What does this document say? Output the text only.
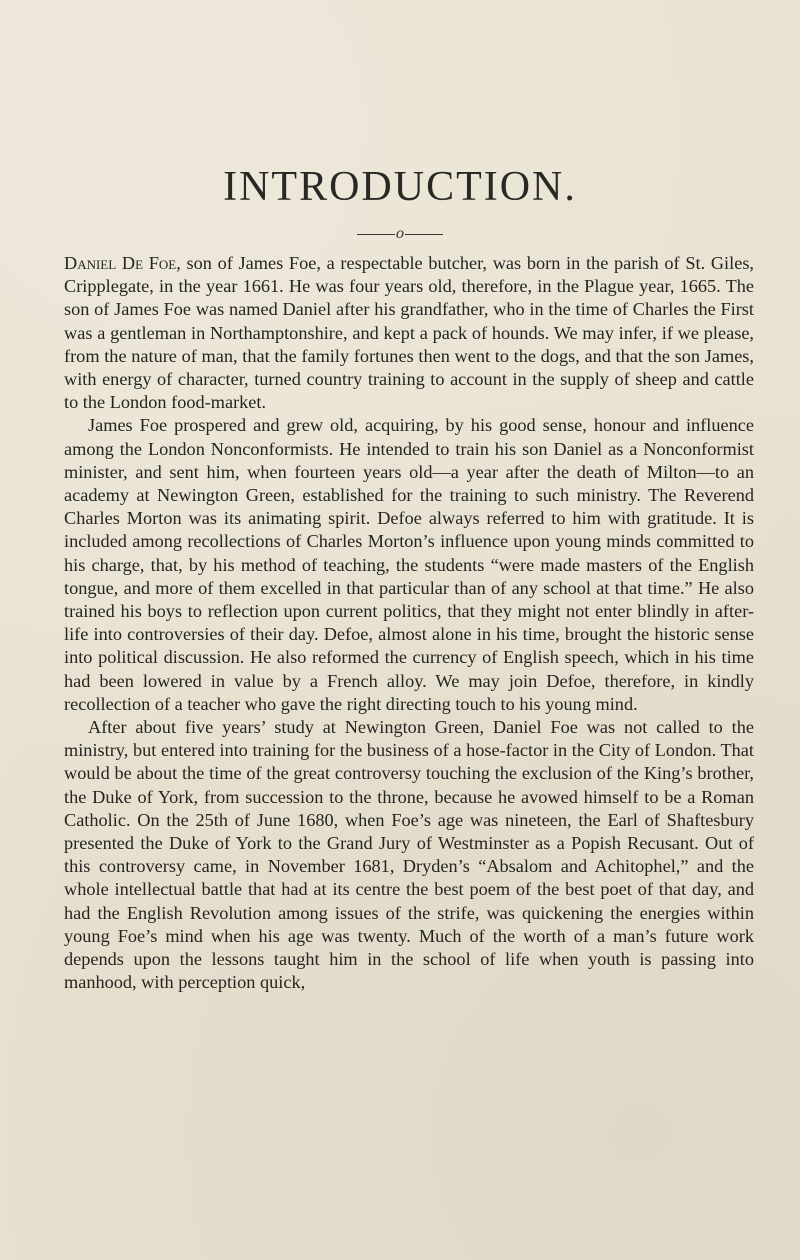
INTRODUCTION.
o

Daniel De Foe, son of James Foe, a respectable butcher, was born in the parish of St. Giles, Cripplegate, in the year 1661. He was four years old, therefore, in the Plague year, 1665. The son of James Foe was named Daniel after his grandfather, who in the time of Charles the First was a gentleman in Northamptonshire, and kept a pack of hounds. We may infer, if we please, from the nature of man, that the family fortunes then went to the dogs, and that the son James, with energy of character, turned country training to account in the supply of sheep and cattle to the London food-market.

James Foe prospered and grew old, acquiring, by his good sense, honour and influence among the London Nonconformists. He intended to train his son Daniel as a Nonconformist minister, and sent him, when fourteen years old—a year after the death of Milton—to an academy at Newington Green, established for the training to such ministry. The Reverend Charles Morton was its animating spirit. Defoe always referred to him with gratitude. It is included among recollections of Charles Morton’s influence upon young minds committed to his charge, that, by his method of teaching, the students “were made masters of the English tongue, and more of them excelled in that particular than of any school at that time.” He also trained his boys to reflection upon current politics, that they might not enter blindly in after-life into controversies of their day. Defoe, almost alone in his time, brought the historic sense into political discussion. He also reformed the currency of English speech, which in his time had been lowered in value by a French alloy. We may join Defoe, therefore, in kindly recollection of a teacher who gave the right directing touch to his young mind.

After about five years’ study at Newington Green, Daniel Foe was not called to the ministry, but entered into training for the business of a hose-factor in the City of London. That would be about the time of the great controversy touching the exclusion of the King’s brother, the Duke of York, from succession to the throne, because he avowed himself to be a Roman Catholic. On the 25th of June 1680, when Foe’s age was nineteen, the Earl of Shaftesbury presented the Duke of York to the Grand Jury of Westminster as a Popish Recusant. Out of this controversy came, in November 1681, Dryden’s “Absalom and Achitophel,” and the whole intellectual battle that had at its centre the best poem of the best poet of that day, and had the English Revolution among issues of the strife, was quickening the energies within young Foe’s mind when his age was twenty. Much of the worth of a man’s future work depends upon the lessons taught him in the school of life when youth is passing into manhood, with perception quick,
